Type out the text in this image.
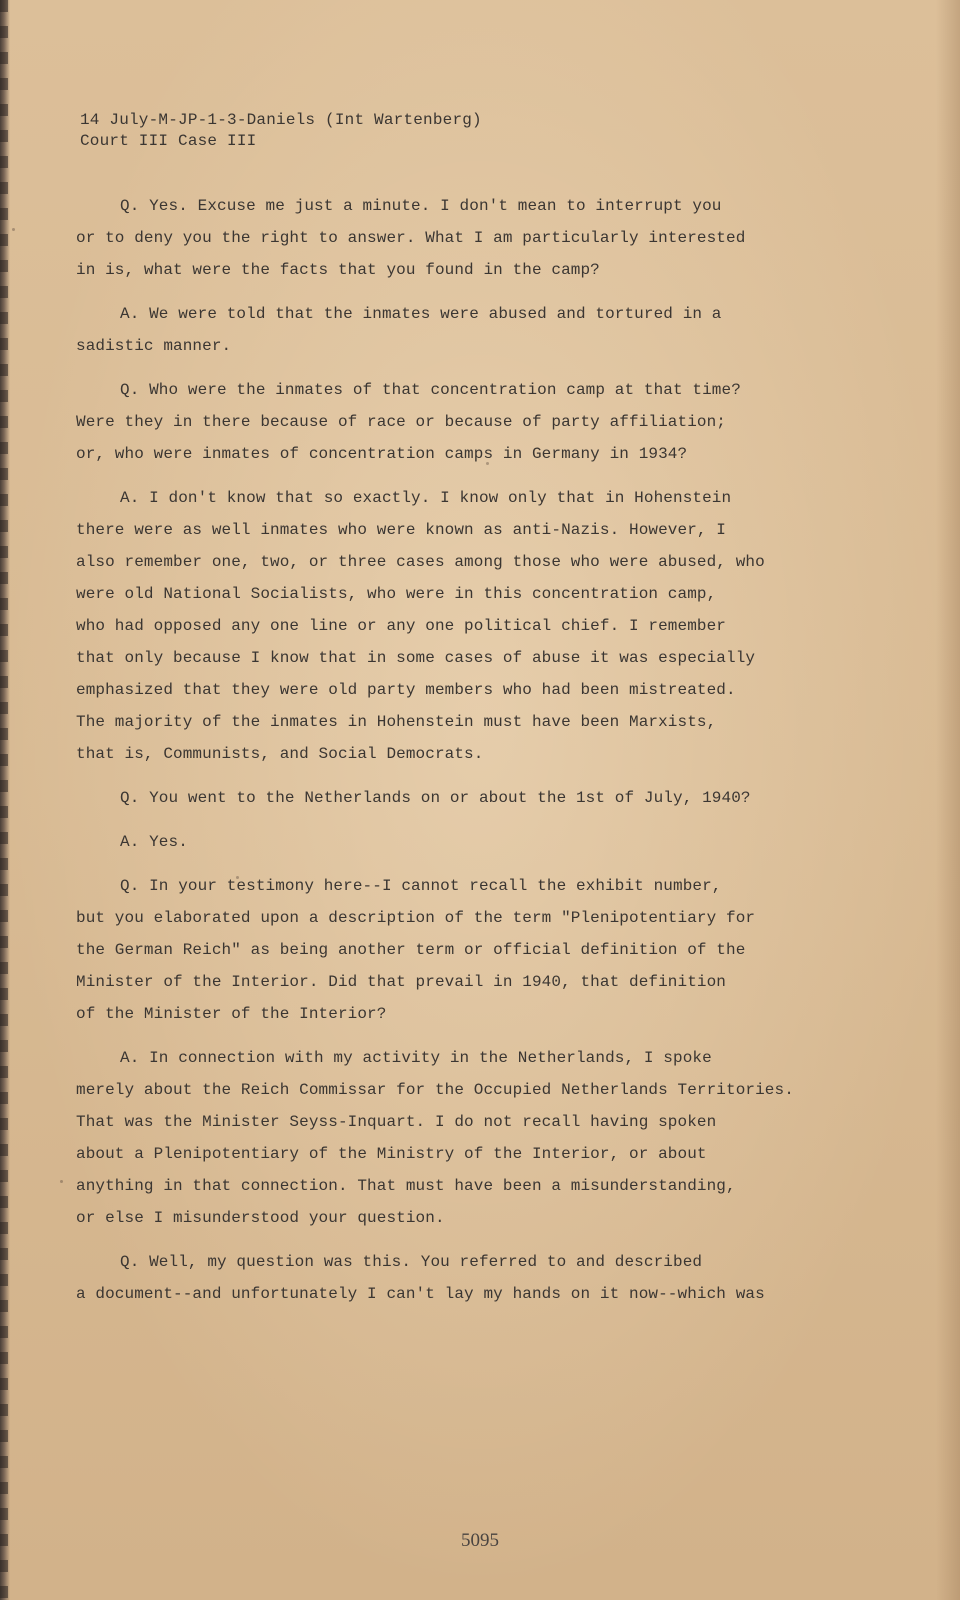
14 July-M-JP-1-3-Daniels (Int Wartenberg)
Court III Case III
Q. Yes. Excuse me just a minute. I don't mean to interrupt you
or to deny you the right to answer. What I am particularly interested
in is, what were the facts that you found in the camp?
A. We were told that the inmates were abused and tortured in a
sadistic manner.
Q. Who were the inmates of that concentration camp at that time?
Were they in there because of race or because of party affiliation;
or, who were inmates of concentration camps in Germany in 1934?
A. I don't know that so exactly. I know only that in Hohenstein
there were as well inmates who were known as anti-Nazis. However, I
also remember one, two, or three cases among those who were abused, who
were old National Socialists, who were in this concentration camp,
who had opposed any one line or any one political chief. I remember
that only because I know that in some cases of abuse it was especially
emphasized that they were old party members who had been mistreated.
The majority of the inmates in Hohenstein must have been Marxists,
that is, Communists, and Social Democrats.
Q. You went to the Netherlands on or about the 1st of July, 1940?
A. Yes.
Q. In your testimony here--I cannot recall the exhibit number,
but you elaborated upon a description of the term "Plenipotentiary for
the German Reich" as being another term or official definition of the
Minister of the Interior. Did that prevail in 1940, that definition
of the Minister of the Interior?
A. In connection with my activity in the Netherlands, I spoke
merely about the Reich Commissar for the Occupied Netherlands Territories.
That was the Minister Seyss-Inquart. I do not recall having spoken
about a Plenipotentiary of the Ministry of the Interior, or about
anything in that connection. That must have been a misunderstanding,
or else I misunderstood your question.
Q. Well, my question was this. You referred to and described
a document--and unfortunately I can't lay my hands on it now--which was
5095
